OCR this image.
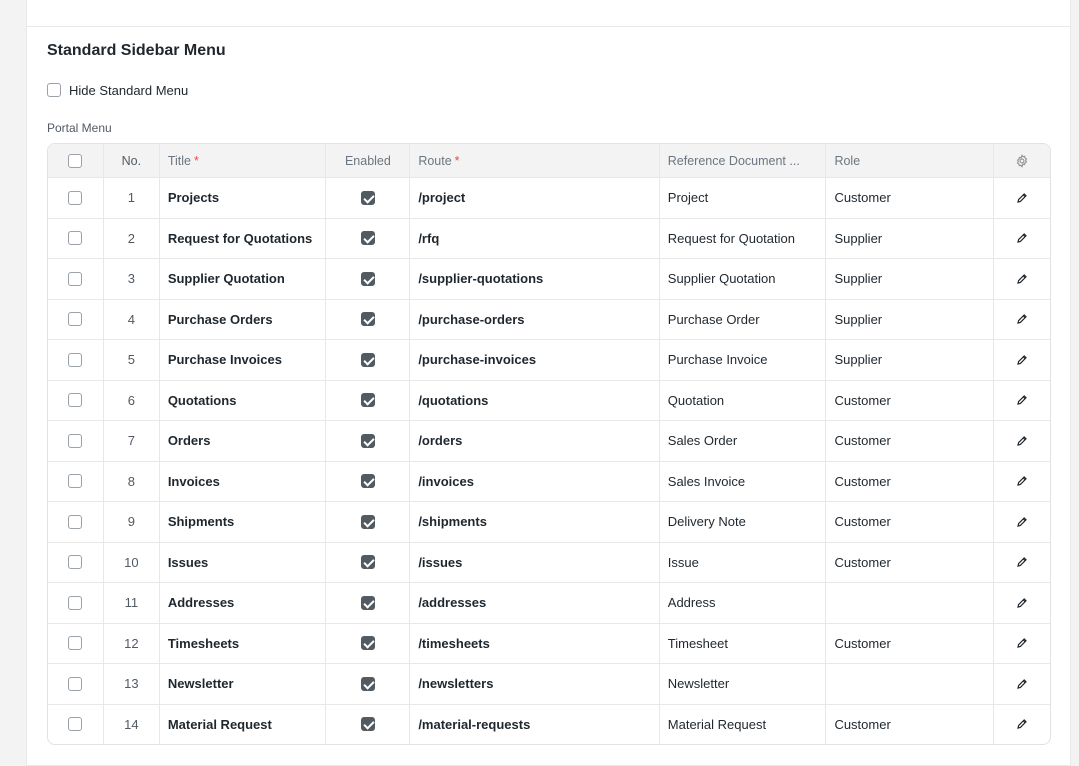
Standard Sidebar Menu
Hide Standard Menu
Portal Menu
No.	Title *	Enabled	Route *	Reference Document ...	Role
1	Projects	/project	Project	Customer
2	Request for Quotations	/rfq	Request for Quotation	Supplier
3	Supplier Quotation	/supplier-quotations	Supplier Quotation	Supplier
4	Purchase Orders	/purchase-orders	Purchase Order	Supplier
5	Purchase Invoices	/purchase-invoices	Purchase Invoice	Supplier
6	Quotations	/quotations	Quotation	Customer
7	Orders	/orders	Sales Order	Customer
8	Invoices	/invoices	Sales Invoice	Customer
9	Shipments	/shipments	Delivery Note	Customer
10	Issues	/issues	Issue	Customer
11	Addresses	/addresses	Address
12	Timesheets	/timesheets	Timesheet	Customer
13	Newsletter	/newsletters	Newsletter
14	Material Request	/material-requests	Material Request	Customer
